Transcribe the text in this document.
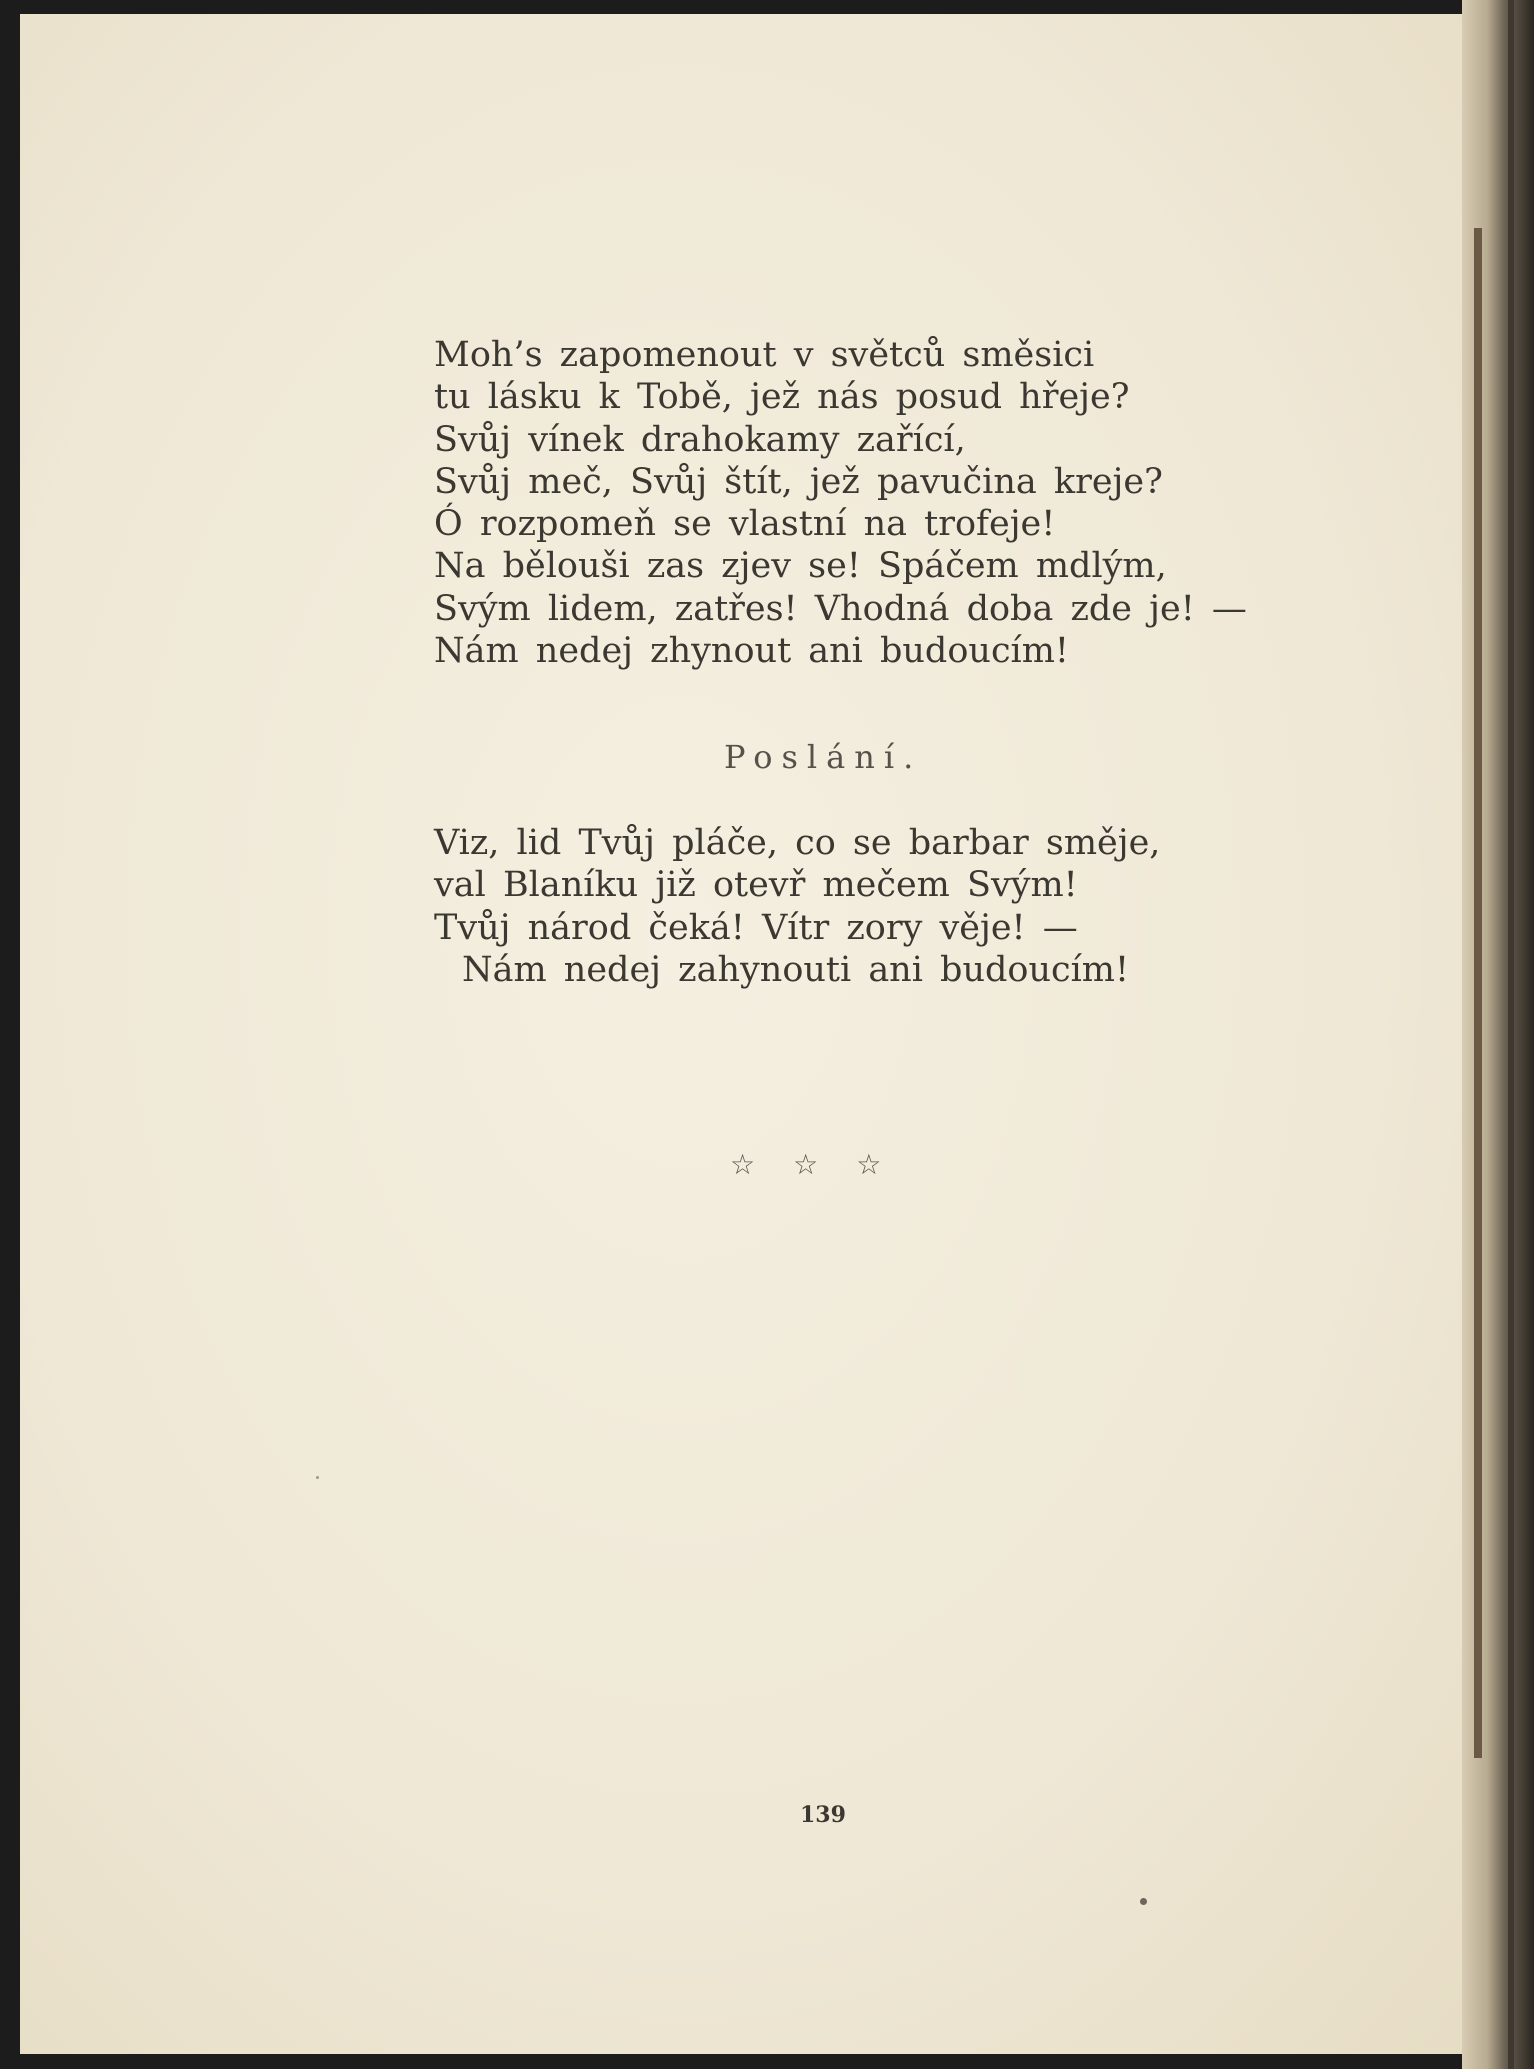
Moh’s zapomenout v světců směsici
tu lásku k Tobě, jež nás posud hřeje?
Svůj vínek drahokamy zařící,
Svůj meč, Svůj štít, jež pavučina kreje?
Ó rozpomeň se vlastní na trofeje!
Na bělouši zas zjev se! Spáčem mdlým,
Svým lidem, zatřes! Vhodná doba zde je! —
Nám nedej zhynout ani budoucím!
Poslání.
Viz, lid Tvůj pláče, co se barbar směje,
val Blaníku již otevř mečem Svým!
Tvůj národ čeká! Vítr zory věje! —
Nám nedej zahynouti ani budoucím!
☆ ☆ ☆
139
